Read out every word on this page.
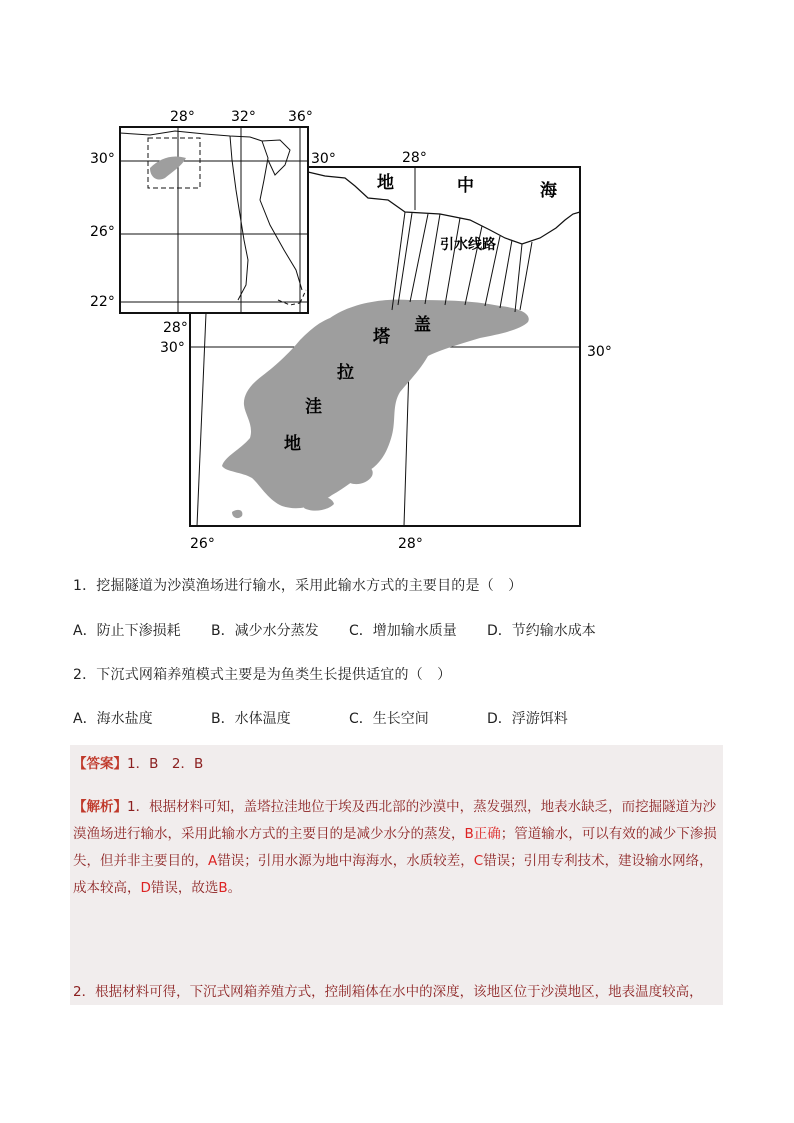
28°	32° 36°
28°
30°
26°
22°
30°	28°
26°	28°
30°	30°
地	中	海
引水线路
塔
盖
拉
洼
地
1．挖掘隧道为沙漠渔场进行输水，采用此输水方式的主要目的是（　）
A．防止下渗损耗 B．减少水分蒸发 C．增加输水质量 D．节约输水成本
2．下沉式网箱养殖模式主要是为鱼类生长提供适宜的（　）
A．海水盐度	B．水体温度	C．生长空间	D．浮游饵料
【答案】1．B　2．B
【解析】1．根据材料可知，盖塔拉洼地位于埃及西北部的沙漠中，蒸发强烈，地表水缺乏，而挖掘隧道为沙漠渔场进行输水，采用此输水方式的主要目的是减少水分的蒸发，B正确；管道输水，可以有效的减少下渗损失，但并非主要目的，A错误；引用水源为地中海海水，水质较差，C错误；引用专利技术，建设输水网络，成本较高，D错误，故选B。
2．根据材料可得，下沉式网箱养殖方式，控制箱体在水中的深度，该地区位于沙漠地区，地表温度较高，
